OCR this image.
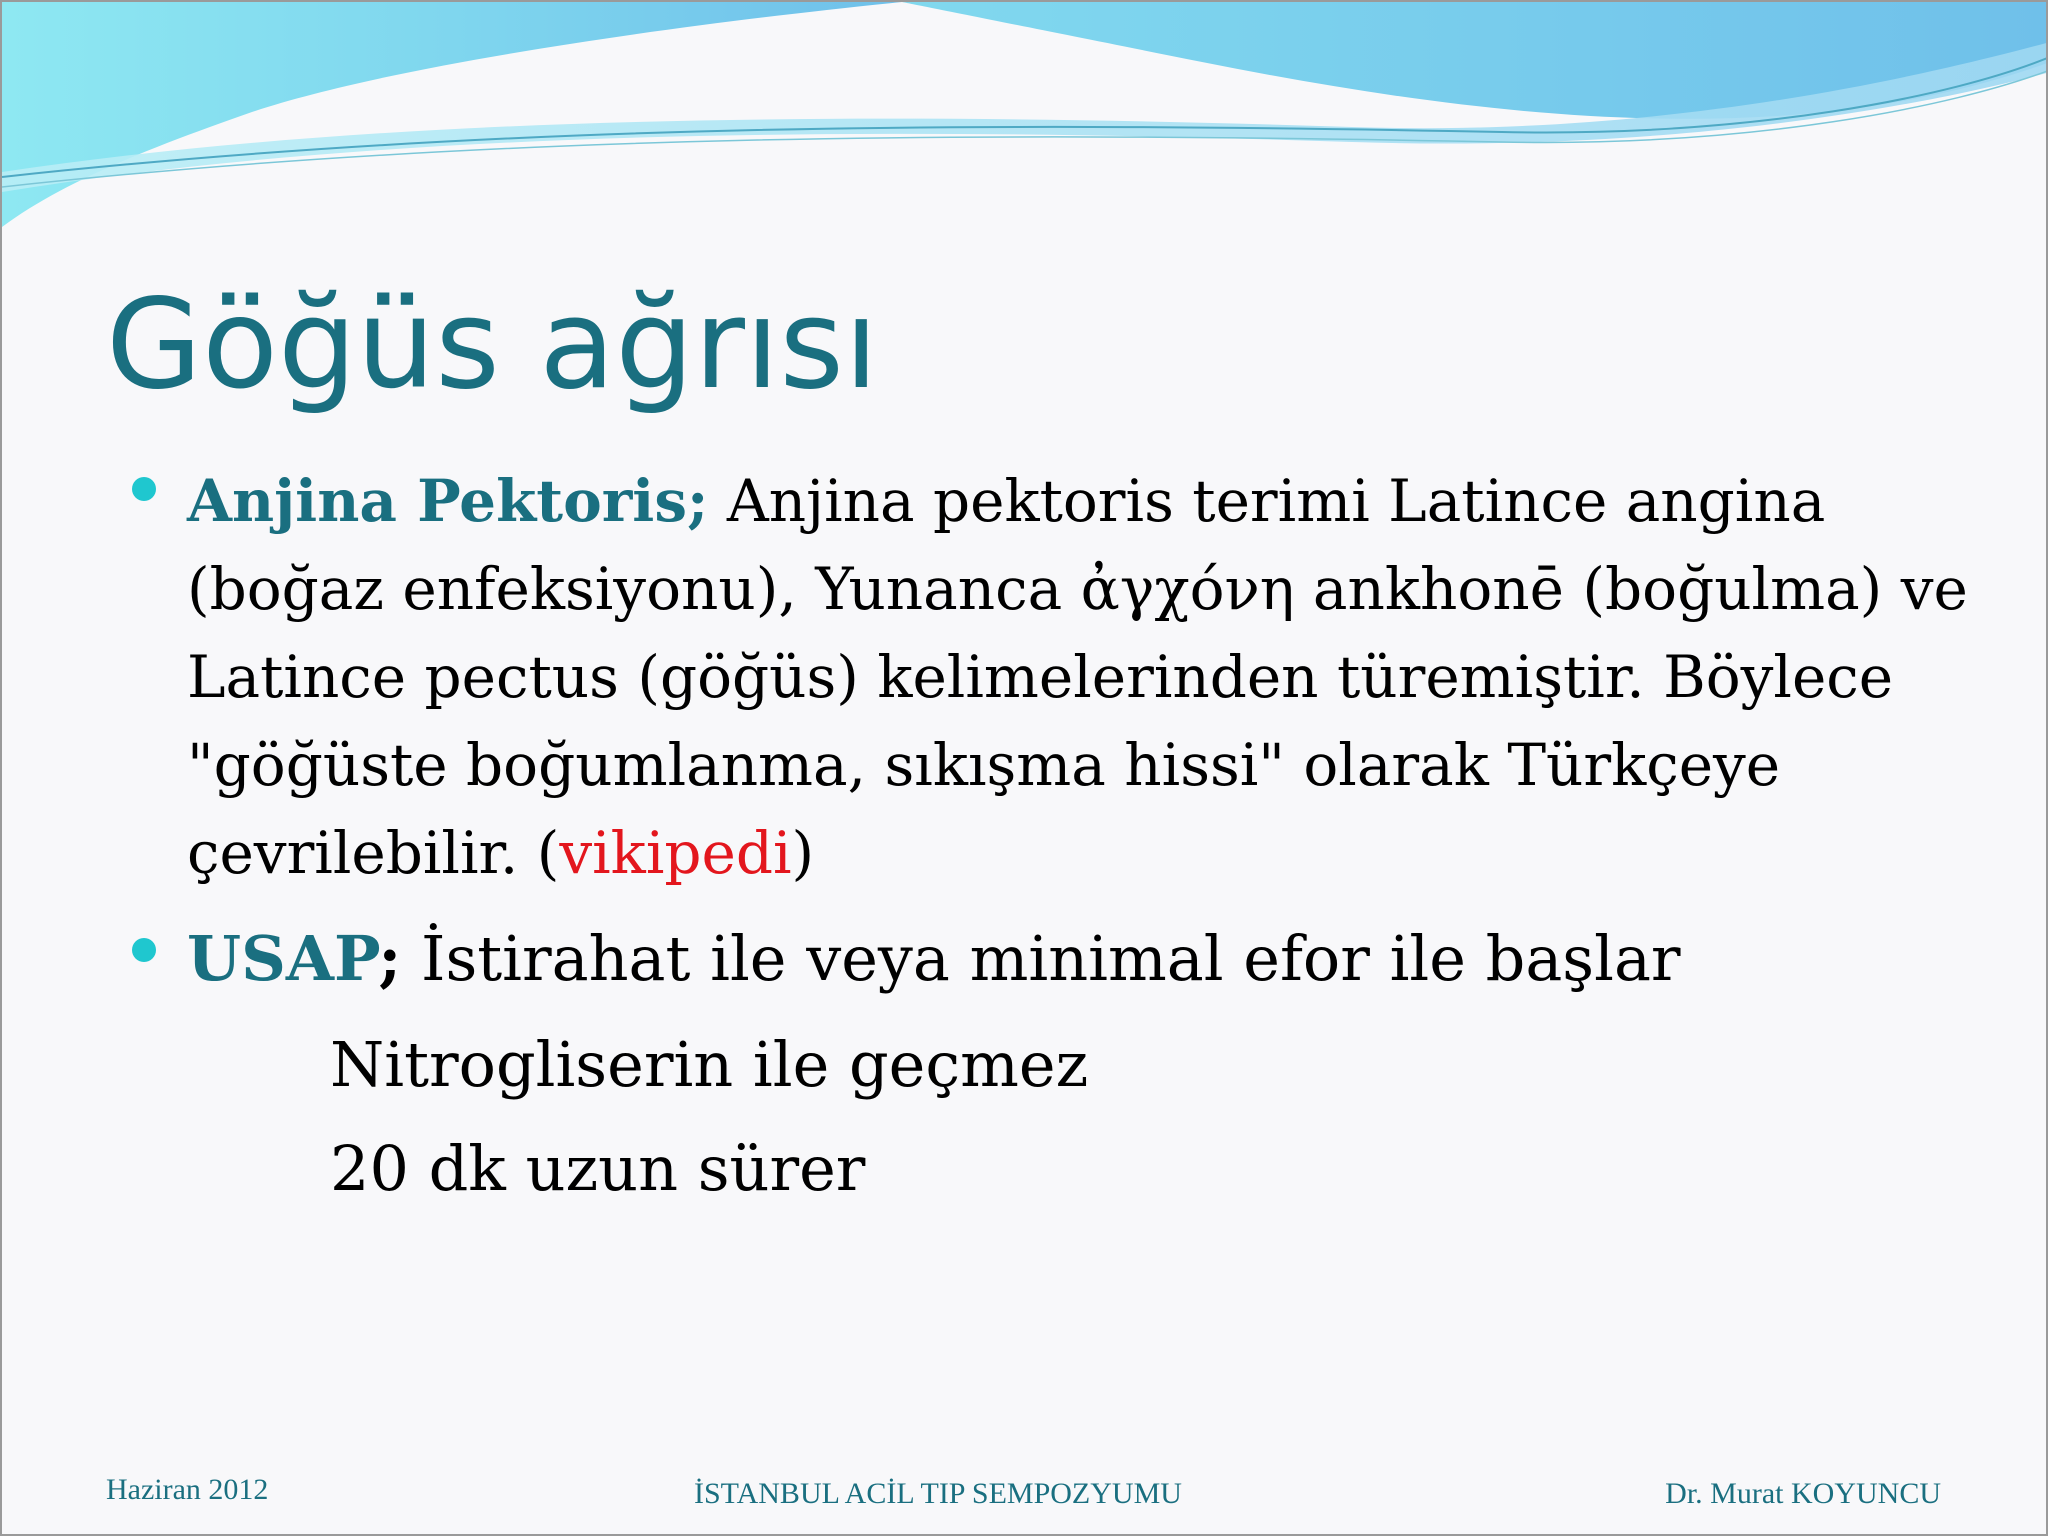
Göğüs ağrısı

Anjina Pektoris; Anjina pektoris terimi Latince angina (boğaz enfeksiyonu), Yunanca ἀγχόνη ankhonē (boğulma) ve Latince pectus (göğüs) kelimelerinden türemiştir. Böylece "göğüste boğumlanma, sıkışma hissi" olarak Türkçeye çevrilebilir. (vikipedi)

USAP; İstirahat ile veya minimal efor ile başlar

Nitrogliserin ile geçmez

20 dk uzun sürer

Haziran 2012	İSTANBUL ACİL TIP SEMPOZYUMU	Dr. Murat KOYUNCU
